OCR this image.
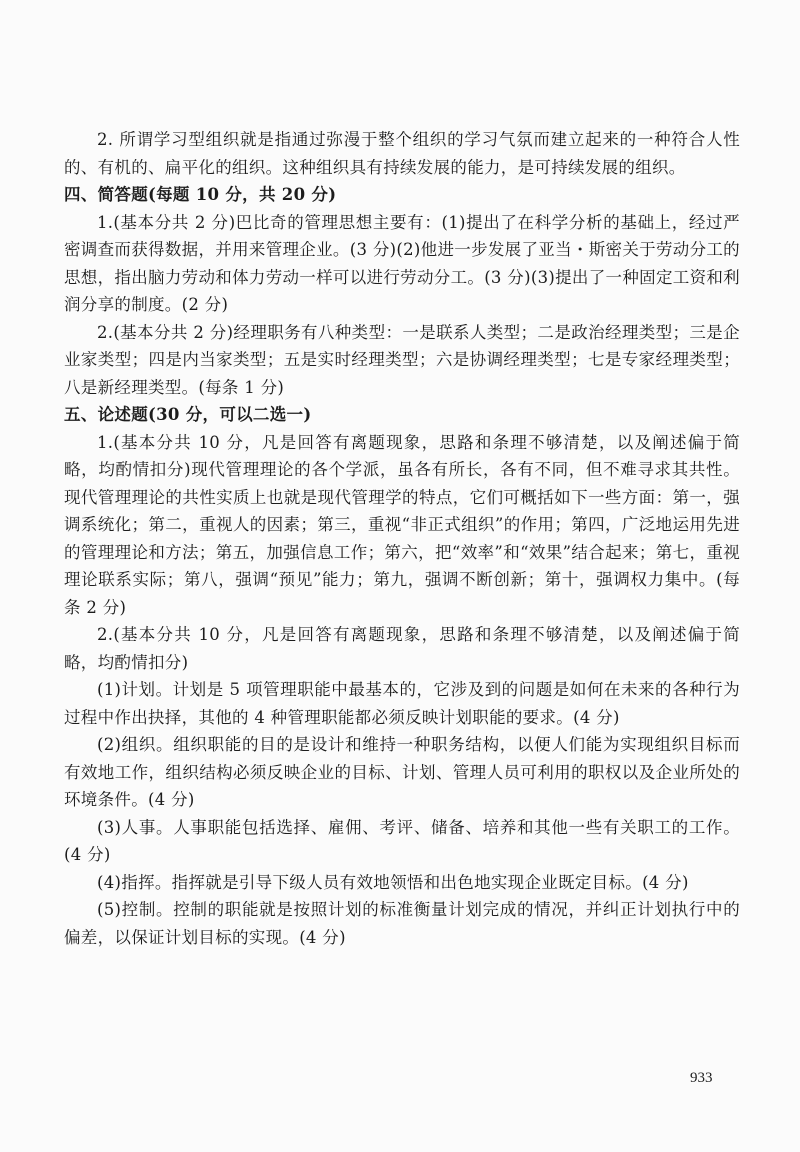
2. 所谓学习型组织就是指通过弥漫于整个组织的学习气氛而建立起来的一种符合人性的、有机的、扁平化的组织。这种组织具有持续发展的能力，是可持续发展的组织。

四、简答题(每题 10 分，共 20 分)

1.(基本分共 2 分)巴比奇的管理思想主要有：(1)提出了在科学分析的基础上，经过严密调查而获得数据，并用来管理企业。(3 分)(2)他进一步发展了亚当・斯密关于劳动分工的思想，指出脑力劳动和体力劳动一样可以进行劳动分工。(3 分)(3)提出了一种固定工资和利润分享的制度。(2 分)

2.(基本分共 2 分)经理职务有八种类型：一是联系人类型；二是政治经理类型；三是企业家类型；四是内当家类型；五是实时经理类型；六是协调经理类型；七是专家经理类型；八是新经理类型。(每条 1 分)

五、论述题(30 分，可以二选一)

1.(基本分共 10 分，凡是回答有离题现象，思路和条理不够清楚，以及阐述偏于简略，均酌情扣分)现代管理理论的各个学派，虽各有所长，各有不同，但不难寻求其共性。现代管理理论的共性实质上也就是现代管理学的特点，它们可概括如下一些方面：第一，强调系统化；第二，重视人的因素；第三，重视“非正式组织”的作用；第四，广泛地运用先进的管理理论和方法；第五，加强信息工作；第六，把“效率”和“效果”结合起来；第七，重视理论联系实际；第八，强调“预见”能力；第九，强调不断创新；第十，强调权力集中。(每条 2 分)

2.(基本分共 10 分，凡是回答有离题现象，思路和条理不够清楚，以及阐述偏于简略，均酌情扣分)

(1)计划。计划是 5 项管理职能中最基本的，它涉及到的问题是如何在未来的各种行为过程中作出抉择，其他的 4 种管理职能都必须反映计划职能的要求。(4 分)

(2)组织。组织职能的目的是设计和维持一种职务结构，以便人们能为实现组织目标而有效地工作，组织结构必须反映企业的目标、计划、管理人员可利用的职权以及企业所处的环境条件。(4 分)

(3)人事。人事职能包括选择、雇佣、考评、储备、培养和其他一些有关职工的工作。(4 分)

(4)指挥。指挥就是引导下级人员有效地领悟和出色地实现企业既定目标。(4 分)

(5)控制。控制的职能就是按照计划的标准衡量计划完成的情况，并纠正计划执行中的偏差，以保证计划目标的实现。(4 分)

933
